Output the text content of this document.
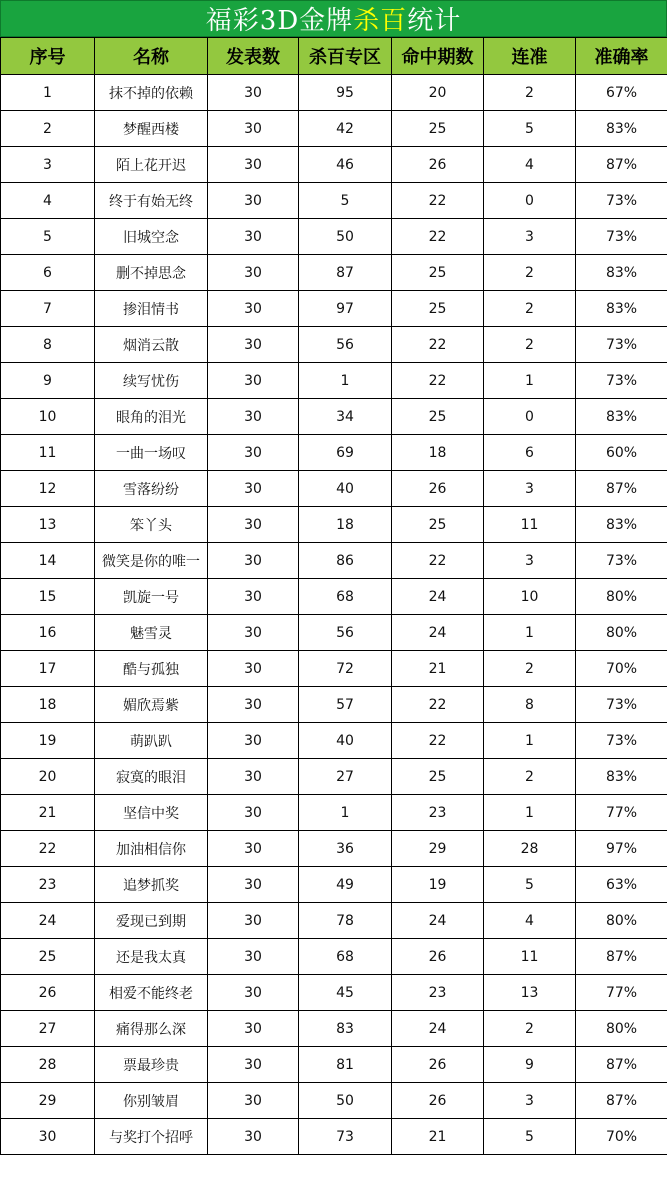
福彩3D金牌 杀百 统计
序号	名称	发表数	杀百专区	命中期数	连准	准确率
1	抹不掉的依赖	30	95	20	2	67%
2	梦醒西楼	30	42	25	5	83%
3	陌上花开迟	30	46	26	4	87%
4	终于有始无终	30	5	22	0	73%
5	旧城空念	30	50	22	3	73%
6	删不掉思念	30	87	25	2	83%
7	掺泪情书	30	97	25	2	83%
8	烟消云散	30	56	22	2	73%
9	续写忧伤	30	1	22	1	73%
10	眼角的泪光	30	34	25	0	83%
11	一曲一场叹	30	69	18	6	60%
12	雪落纷纷	30	40	26	3	87%
13	笨丫头	30	18	25	11	83%
14	微笑是你的唯一	30	86	22	3	73%
15	凯旋一号	30	68	24	10	80%
16	魅雪灵	30	56	24	1	80%
17	酷与孤独	30	72	21	2	70%
18	媚欣焉紫	30	57	22	8	73%
19	萌趴趴	30	40	22	1	73%
20	寂寞的眼泪	30	27	25	2	83%
21	坚信中奖	30	1	23	1	77%
22	加油相信你	30	36	29	28	97%
23	追梦抓奖	30	49	19	5	63%
24	爱现已到期	30	78	24	4	80%
25	还是我太真	30	68	26	11	87%
26	相爱不能终老	30	45	23	13	77%
27	痛得那么深	30	83	24	2	80%
28	票最珍贵	30	81	26	9	87%
29	你别皱眉	30	50	26	3	87%
30	与奖打个招呼	30	73	21	5	70%
